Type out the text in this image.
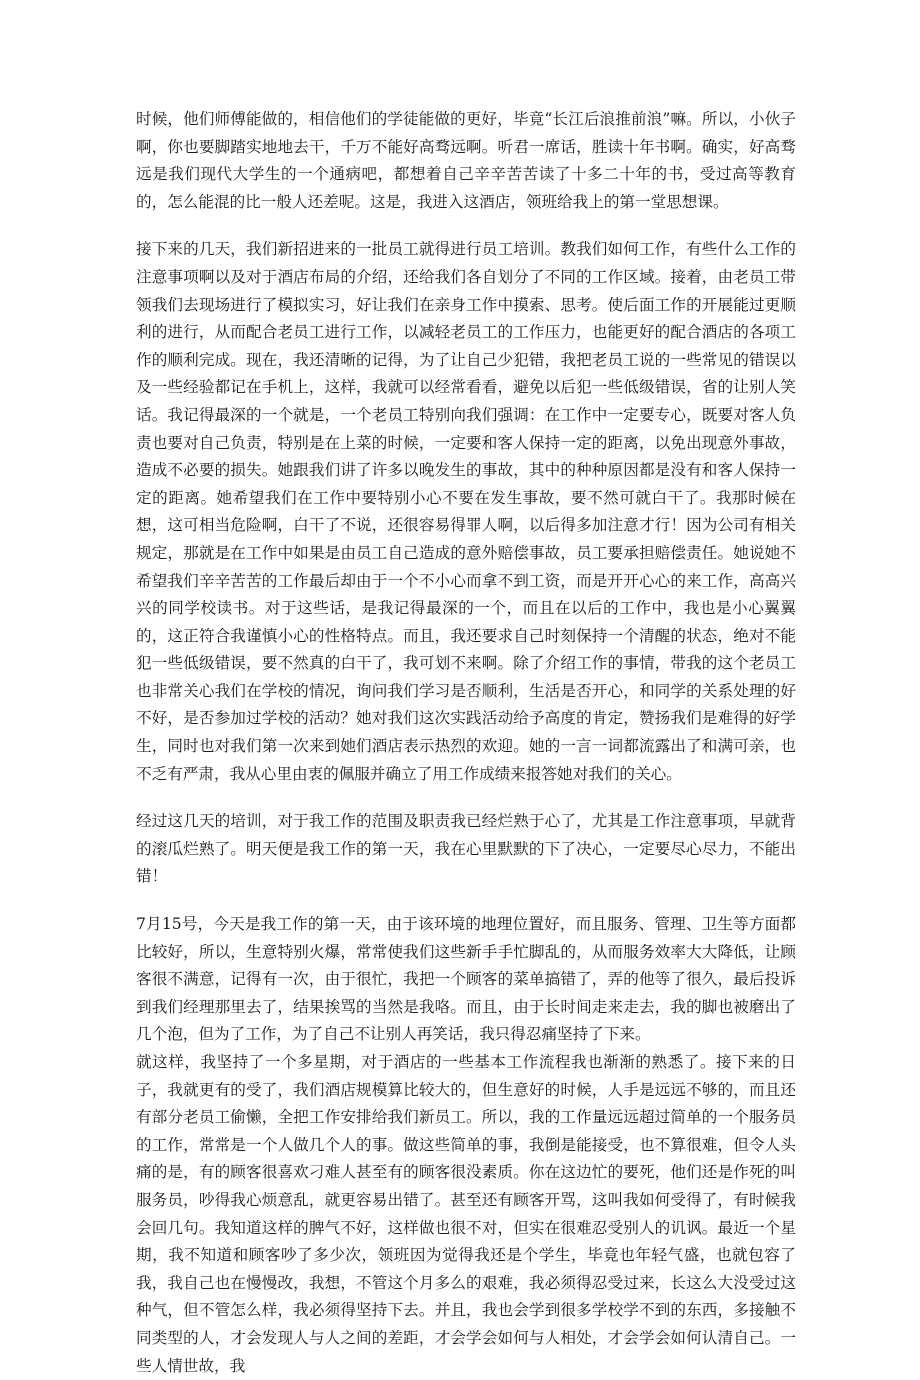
时候，他们师傅能做的，相信他们的学徒能做的更好，毕竟“长江后浪推前浪”嘛。所以，小伙子啊，你也要脚踏实地地去干，千万不能好高骛远啊。听君一席话，胜读十年书啊。确实，好高骛远是我们现代大学生的一个通病吧，都想着自己辛辛苦苦读了十多二十年的书，受过高等教育的，怎么能混的比一般人还差呢。这是，我进入这酒店，领班给我上的第一堂思想课。

接下来的几天，我们新招进来的一批员工就得进行员工培训。教我们如何工作，有些什么工作的注意事项啊以及对于酒店布局的介绍，还给我们各自划分了不同的工作区域。接着，由老员工带领我们去现场进行了模拟实习，好让我们在亲身工作中摸索、思考。使后面工作的开展能过更顺利的进行，从而配合老员工进行工作，以减轻老员工的工作压力，也能更好的配合酒店的各项工作的顺利完成。现在，我还清晰的记得，为了让自己少犯错，我把老员工说的一些常见的错误以及一些经验都记在手机上，这样，我就可以经常看看，避免以后犯一些低级错误，省的让别人笑话。我记得最深的一个就是，一个老员工特别向我们强调：在工作中一定要专心，既要对客人负责也要对自己负责，特别是在上菜的时候，一定要和客人保持一定的距离，以免出现意外事故，造成不必要的损失。她跟我们讲了许多以晚发生的事故，其中的种种原因都是没有和客人保持一定的距离。她希望我们在工作中要特别小心不要在发生事故，要不然可就白干了。我那时候在想，这可相当危险啊，白干了不说，还很容易得罪人啊，以后得多加注意才行！因为公司有相关规定，那就是在工作中如果是由员工自己造成的意外赔偿事故，员工要承担赔偿责任。她说她不希望我们辛辛苦苦的工作最后却由于一个不小心而拿不到工资，而是开开心心的来工作，高高兴兴的同学校读书。对于这些话，是我记得最深的一个，而且在以后的工作中，我也是小心翼翼的，这正符合我谨慎小心的性格特点。而且，我还要求自己时刻保持一个清醒的状态，绝对不能犯一些低级错误，要不然真的白干了，我可划不来啊。除了介绍工作的事情，带我的这个老员工也非常关心我们在学校的情况，询问我们学习是否顺利，生活是否开心，和同学的关系处理的好不好，是否参加过学校的活动？她对我们这次实践活动给予高度的肯定，赞扬我们是难得的好学生，同时也对我们第一次来到她们酒店表示热烈的欢迎。她的一言一词都流露出了和满可亲，也不乏有严肃，我从心里由衷的佩服并确立了用工作成绩来报答她对我们的关心。

经过这几天的培训，对于我工作的范围及职责我已经烂熟于心了，尤其是工作注意事项，早就背的滚瓜烂熟了。明天便是我工作的第一天，我在心里默默的下了决心，一定要尽心尽力，不能出错！

7月15号，今天是我工作的第一天，由于该环境的地理位置好，而且服务、管理、卫生等方面都比较好，所以，生意特别火爆，常常使我们这些新手手忙脚乱的，从而服务效率大大降低，让顾客很不满意，记得有一次，由于很忙，我把一个顾客的菜单搞错了，弄的他等了很久，最后投诉到我们经理那里去了，结果挨骂的当然是我咯。而且，由于长时间走来走去，我的脚也被磨出了几个泡，但为了工作，为了自己不让别人再笑话，我只得忍痛坚持了下来。

就这样，我坚持了一个多星期，对于酒店的一些基本工作流程我也渐渐的熟悉了。接下来的日子，我就更有的受了，我们酒店规模算比较大的，但生意好的时候，人手是远远不够的，而且还有部分老员工偷懒，全把工作安排给我们新员工。所以，我的工作量远远超过简单的一个服务员的工作，常常是一个人做几个人的事。做这些简单的事，我倒是能接受，也不算很难，但令人头痛的是，有的顾客很喜欢刁难人甚至有的顾客很没素质。你在这边忙的要死，他们还是作死的叫服务员，吵得我心烦意乱，就更容易出错了。甚至还有顾客开骂，这叫我如何受得了，有时候我会回几句。我知道这样的脾气不好，这样做也很不对，但实在很难忍受别人的讥讽。最近一个星期，我不知道和顾客吵了多少次，领班因为觉得我还是个学生，毕竟也年轻气盛，也就包容了我，我自己也在慢慢改，我想，不管这个月多么的艰难，我必须得忍受过来，长这么大没受过这种气，但不管怎么样，我必须得坚持下去。并且，我也会学到很多学校学不到的东西，多接触不同类型的人，才会发现人与人之间的差距，才会学会如何与人相处，才会学会如何认清自己。一些人情世故，我
